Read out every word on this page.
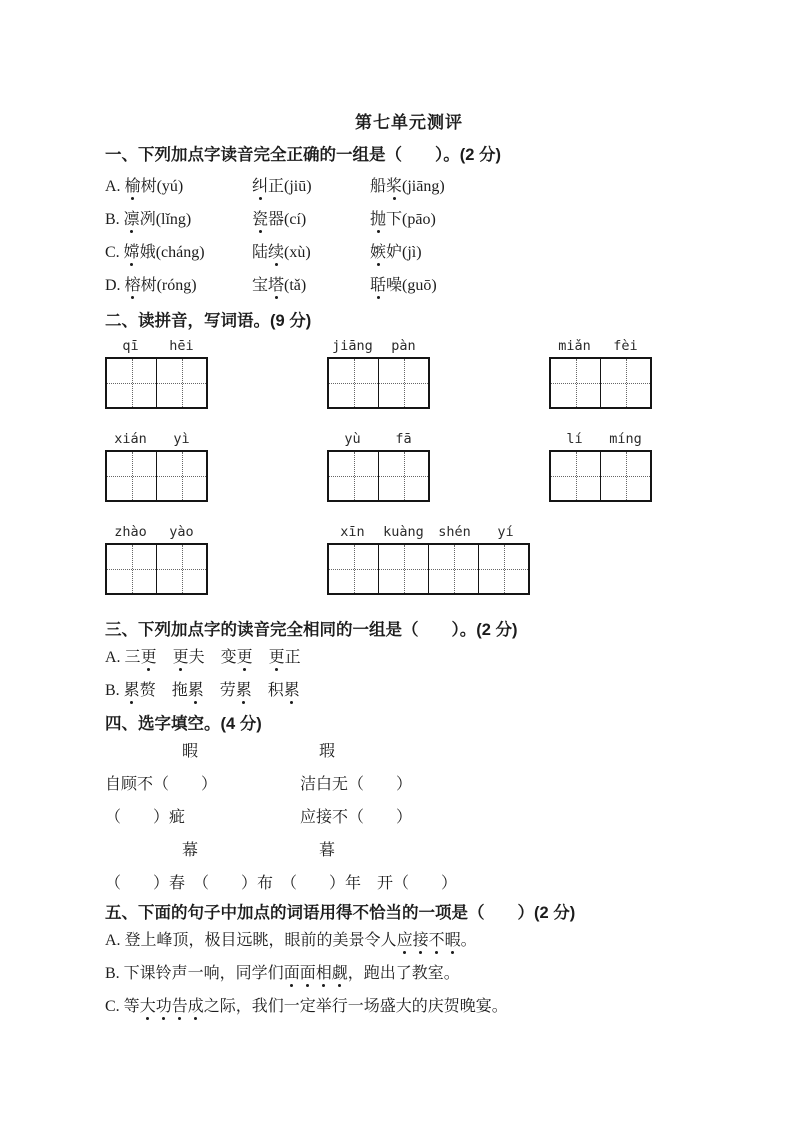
第七单元测评
一、下列加点字读音完全正确的一组是（　　）。(2 分)
A. 榆树(yú)	纠正(jiū)	船桨(jiāng)
B. 凛冽(lǐng)	瓷器(cí)	抛下(pāo)
C. 嫦娥(cháng)	陆续(xù)	嫉妒(jì)
D. 榕树(róng)	宝塔(tǎ)	聒噪(guō)
二、读拼音，写词语。(9 分)
qī	hēi	jiāng	pàn	miǎn	fèi
xián	yì	yù	fā	lí	míng
zhào	yào	xīn	kuàng	shén	yí
三、下列加点字的读音完全相同的一组是（　　）。(2 分)
A. 三更　 更夫　变更　 更正
B. 累赘　拖累　劳累　积累
四、选字填空。(4 分)
暇	瑕
自顾不（　　）	洁白无（　　）
（　　）疵	应接不（　　）
幕	暮
（　　）春　（　　）布　（　　）年　开（　　）
五、下面的句子中加点的词语用得不恰当的一项是（　　）(2 分)
A. 登上峰顶，极目远眺，眼前的美景令人应接不暇。
B. 下课铃声一响，同学们面面相觑，跑出了教室。
C. 等大功告成之际，我们一定举行一场盛大的庆贺晚宴。
